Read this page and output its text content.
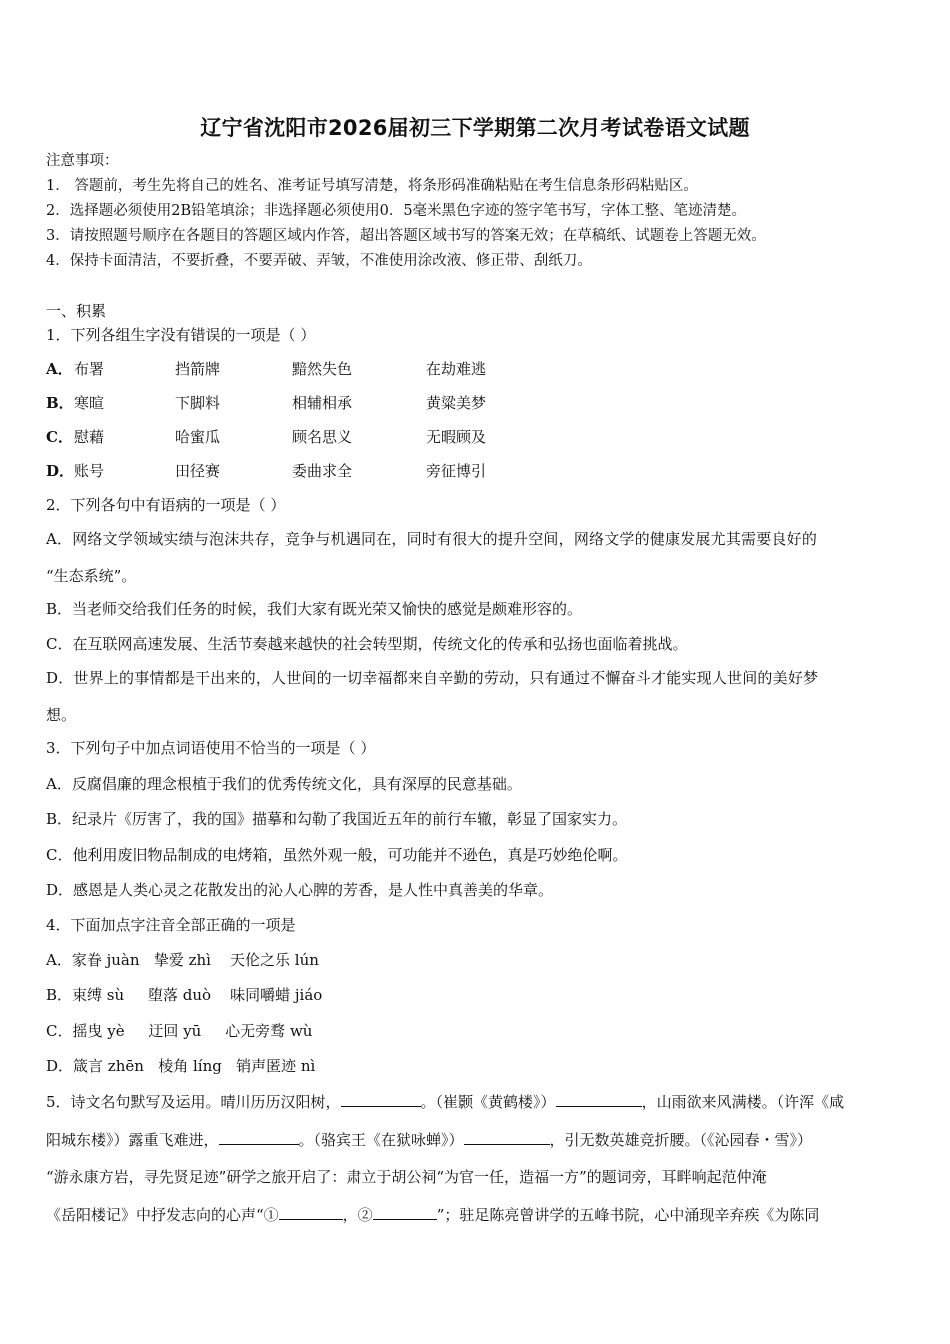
辽宁省沈阳市2026届初三下学期第二次月考试卷语文试题
注意事项：
1． 答题前，考生先将自己的姓名、准考证号填写清楚，将条形码准确粘贴在考生信息条形码粘贴区。
2．选择题必须使用2B铅笔填涂；非选择题必须使用0．5毫米黑色字迹的签字笔书写，字体工整、笔迹清楚。
3．请按照题号顺序在各题目的答题区域内作答，超出答题区域书写的答案无效；在草稿纸、试题卷上答题无效。
4．保持卡面清洁，不要折叠，不要弄破、弄皱，不准使用涂改液、修正带、刮纸刀。
一、积累
1．下列各组生字没有错误的一项是（ ）
A． 布署	挡箭牌	黯然失色	在劫难逃
B． 寒暄	下脚料	相辅相承	黄粱美梦
C． 慰藉	哈蜜瓜	顾名思义	无暇顾及
D． 账号	田径赛	委曲求全	旁征博引
2．下列各句中有语病的一项是（ ）
A．网络文学领域实绩与泡沫共存，竞争与机遇同在，同时有很大的提升空间，网络文学的健康发展尤其需要良好的
“生态系统”。
B．当老师交给我们任务的时候，我们大家有既光荣又愉快的感觉是颇难形容的。
C．在互联网高速发展、生活节奏越来越快的社会转型期，传统文化的传承和弘扬也面临着挑战。
D．世界上的事情都是干出来的，人世间的一切幸福都来自辛勤的劳动，只有通过不懈奋斗才能实现人世间的美好梦
想。
3．下列句子中加点词语使用不恰当的一项是（ ）
A．反腐倡廉的理念根植于我们的优秀传统文化，具有深厚的民意基础。
B．纪录片《厉害了，我的国》描摹和勾勒了我国近五年的前行车辙，彰显了国家实力。
C．他利用废旧物品制成的电烤箱，虽然外观一般，可功能并不逊色，真是巧妙绝伦啊。
D．感恩是人类心灵之花散发出的沁人心脾的芳香，是人性中真善美的华章。
4．下面加点字注音全部正确的一项是
A．家眷 juàn   挚爱 zhì    天伦之乐 lún
B．束缚 sù     堕落 duò    味同嚼蜡 jiáo
C．摇曳 yè     迂回 yū     心无旁骛 wù
D．箴言 zhēn   棱角 líng   销声匿迹 nì
5．诗文名句默写及运用。晴川历历汉阳树，	。（崔颢《黄鹤楼》）	，山雨欲来风满楼。（许浑《咸
阳城东楼》）露重飞难进，	。（骆宾王《在狱咏蝉》）	，引无数英雄竞折腰。（《沁园春・雪》）
“游永康方岩，寻先贤足迹”研学之旅开启了：肃立于胡公祠“为官一任，造福一方”的题词旁，耳畔响起范仲淹
《岳阳楼记》中抒发志向的心声“①	，②	”；驻足陈亮曾讲学的五峰书院，心中涌现辛弃疾《为陈同
